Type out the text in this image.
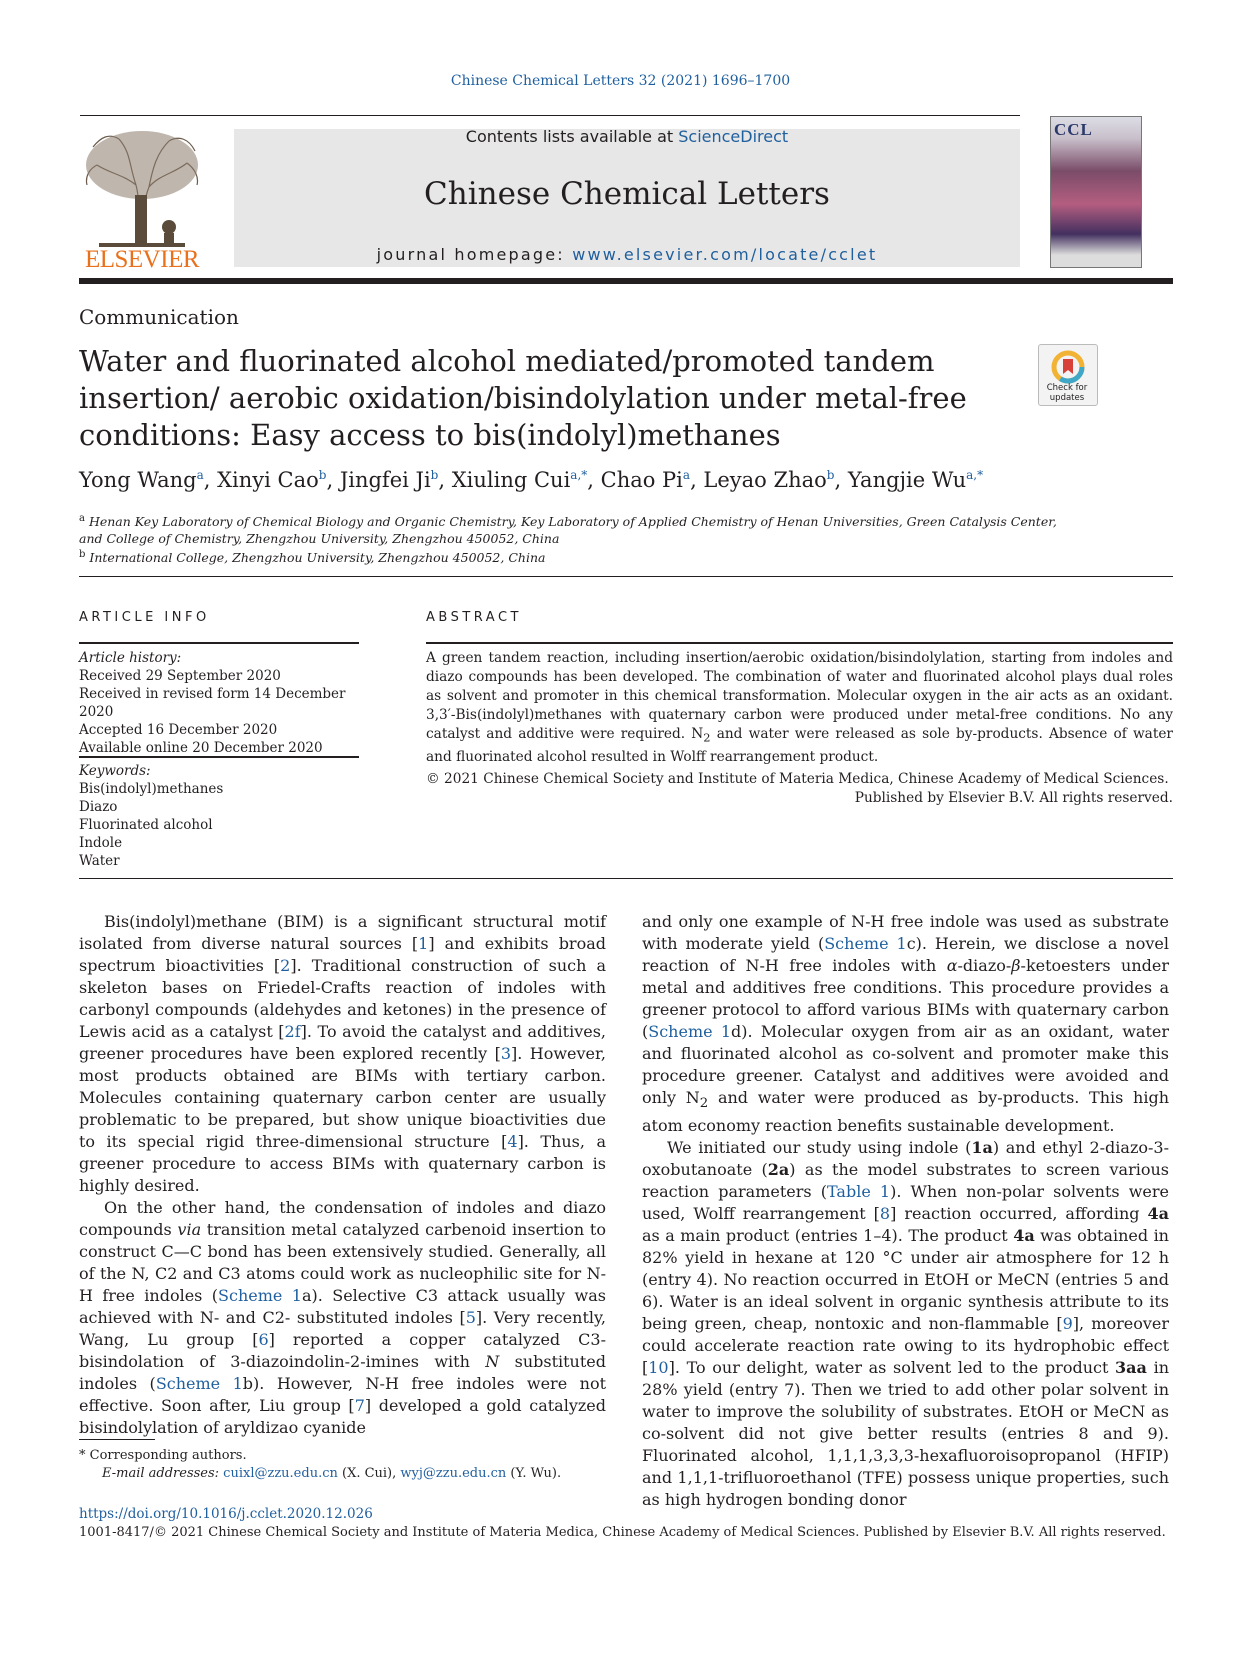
Chinese Chemical Letters 32 (2021) 1696–1700
ELSEVIER
Contents lists available at ScienceDirect
Chinese Chemical Letters
journal homepage: www.elsevier.com/locate/cclet
CCL
Communication
Water and fluorinated alcohol mediated/promoted tandem insertion/ aerobic oxidation/bisindolylation under metal-free conditions: Easy access to bis(indolyl)methanes
Check for updates
Yong Wang$^a$, Xinyi Cao$^b$, Jingfei Ji$^b$, Xiuling Cui$^{a,*}$, Chao Pi$^a$, Leyao Zhao$^b$, Yangjie $Wu^{a,*}$
$^a$ Henan Key Laboratory of Chemical Biology and Organic Chemistry, Key Laboratory of Applied Chemistry of Henan Universities, Green Catalysis Center, and College of Chemistry, Zhengzhou University, Zhengzhou 450052, China
$^b$ International College, Zhengzhou University, Zhengzhou 450052, China
ARTICLE INFO	ABSTRACT
Article history:
Received 29 September 2020
Received in revised form 14 December 2020
Accepted 16 December 2020
Available online 20 December 2020
Keywords:
Bis(indolyl)methanes
Diazo
Fluorinated alcohol
Indole
Water
A green tandem reaction, including insertion/aerobic oxidation/bisindolylation, starting from indoles and diazo compounds has been developed. The combination of water and fluorinated alcohol plays dual roles as solvent and promoter in this chemical transformation. Molecular oxygen in the air acts as an oxidant. 3,3′-Bis(indolyl)methanes with quaternary carbon were produced under metal-free conditions. No any catalyst and additive were required. $N_2$ and water were released as sole by-products. Absence of water and fluorinated alcohol resulted in Wolff rearrangement product.
© 2021 Chinese Chemical Society and Institute of Materia Medica, Chinese Academy of Medical Sciences.
Published by Elsevier B.V. All rights reserved.

Bis(indolyl)methane (BIM) is a significant structural motif isolated from diverse natural sources [1] and exhibits broad spectrum bioactivities [2]. Traditional construction of such a skeleton bases on Friedel-Crafts reaction of indoles with carbonyl compounds (aldehydes and ketones) in the presence of Lewis acid as a catalyst [2f]. To avoid the catalyst and additives, greener procedures have been explored recently [3]. However, most products obtained are BIMs with tertiary carbon. Molecules containing quaternary carbon center are usually problematic to be prepared, but show unique bioactivities due to its special rigid three-dimensional structure [4]. Thus, a greener procedure to access BIMs with quaternary carbon is highly desired.

On the other hand, the condensation of indoles and diazo compounds via transition metal catalyzed carbenoid insertion to construct C—C bond has been extensively studied. Generally, all of the N, C2 and C3 atoms could work as nucleophilic site for N-H free indoles (Scheme 1a). Selective C3 attack usually was achieved with N- and C2- substituted indoles [5]. Very recently, Wang, Lu group [6] reported a copper catalyzed C3-bisindolation of 3-diazoindolin-2-imines with N substituted indoles (Scheme 1b). However, N-H free indoles were not effective. Soon after, Liu group [7] developed a gold catalyzed bisindolylation of aryldizao cyanide

and only one example of N-H free indole was used as substrate with moderate yield (Scheme 1c). Herein, we disclose a novel reaction of N-H free indoles with α-diazo-β-ketoesters under metal and additives free conditions. This procedure provides a greener protocol to afford various BIMs with quaternary carbon (Scheme 1d). Molecular oxygen from air as an oxidant, water and fluorinated alcohol as co-solvent and promoter make this procedure greener. Catalyst and additives were avoided and only $N_2$ and water were produced as by-products. This high atom economy reaction benefits sustainable development.

We initiated our study using indole (1a) and ethyl 2-diazo-3-oxobutanoate (2a) as the model substrates to screen various reaction parameters (Table 1). When non-polar solvents were used, Wolff rearrangement [8] reaction occurred, affording 4a as a main product (entries 1–4). The product 4a was obtained in 82% yield in hexane at 120 °C under air atmosphere for 12 h (entry 4). No reaction occurred in EtOH or MeCN (entries 5 and 6). Water is an ideal solvent in organic synthesis attribute to its being green, cheap, nontoxic and non-flammable [9], moreover could accelerate reaction rate owing to its hydrophobic effect [10]. To our delight, water as solvent led to the product 3aa in 28% yield (entry 7). Then we tried to add other polar solvent in water to improve the solubility of substrates. EtOH or MeCN as co-solvent did not give better results (entries 8 and 9). Fluorinated alcohol, 1,1,1,3,3,3-hexafluoroisopropanol (HFIP) and 1,1,1-trifluoroethanol (TFE) possess unique properties, such as high hydrogen bonding donor

* Corresponding authors.
E-mail addresses: cuixl@zzu.edu.cn (X. Cui), wyj@zzu.edu.cn (Y. Wu).
https://doi.org/10.1016/j.cclet.2020.12.026
1001-8417/© 2021 Chinese Chemical Society and Institute of Materia Medica, Chinese Academy of Medical Sciences. Published by Elsevier B.V. All rights reserved.
